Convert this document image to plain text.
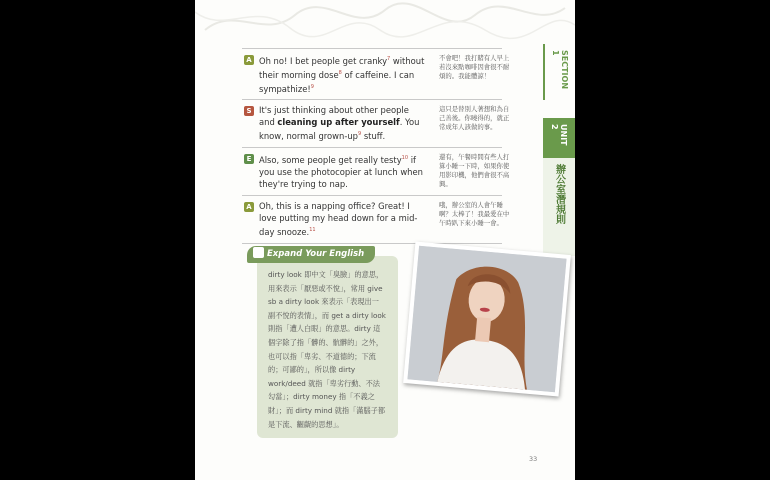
A Oh no! I bet people get cranky$^7$ without their morning dose$^8$ of caffeine. I can sympathize!$^9$
不會吧！我打賭有人早上若沒來點咖啡因會很不耐煩的。我能體諒！
S It's just thinking about other people and cleaning up after yourself. You know, normal grown-up$^9$ stuff.
這只是替別人著想和為自己善後。你曉得的，就正常成年人該做的事。
E Also, some people get really testy$^{10}$ if you use the photocopier at lunch when they're trying to nap.
還有，午餐時間有些人打算小睡一下時，如果你使用影印機，他們會很不高興。
A Oh, this is a napping office? Great! I love putting my head down for a mid-day snooze.$^{11}$
哦，辦公室的人會午睡啊？太棒了！我最愛在中午時趴下來小睡一會。
SECTION 1
UNIT 2
辦公室潛規則
Expand Your English
dirty look 即中文「臭臉」的意思，用來表示「厭惡或不悅」，常用 give sb a dirty look 來表示「表現出一副不悅的表情」，而 get a dirty look 則指「遭人白眼」的意思。dirty 這個字除了指「髒的、骯髒的」之外，也可以指「卑劣、不道德的；下流的；可鄙的」，所以像 dirty work/deed 就指「卑劣行動、不法勾當」；dirty money 指「不義之財」；而 dirty mind 就指「滿腦子都是下流、齷齪的思想」。
33
